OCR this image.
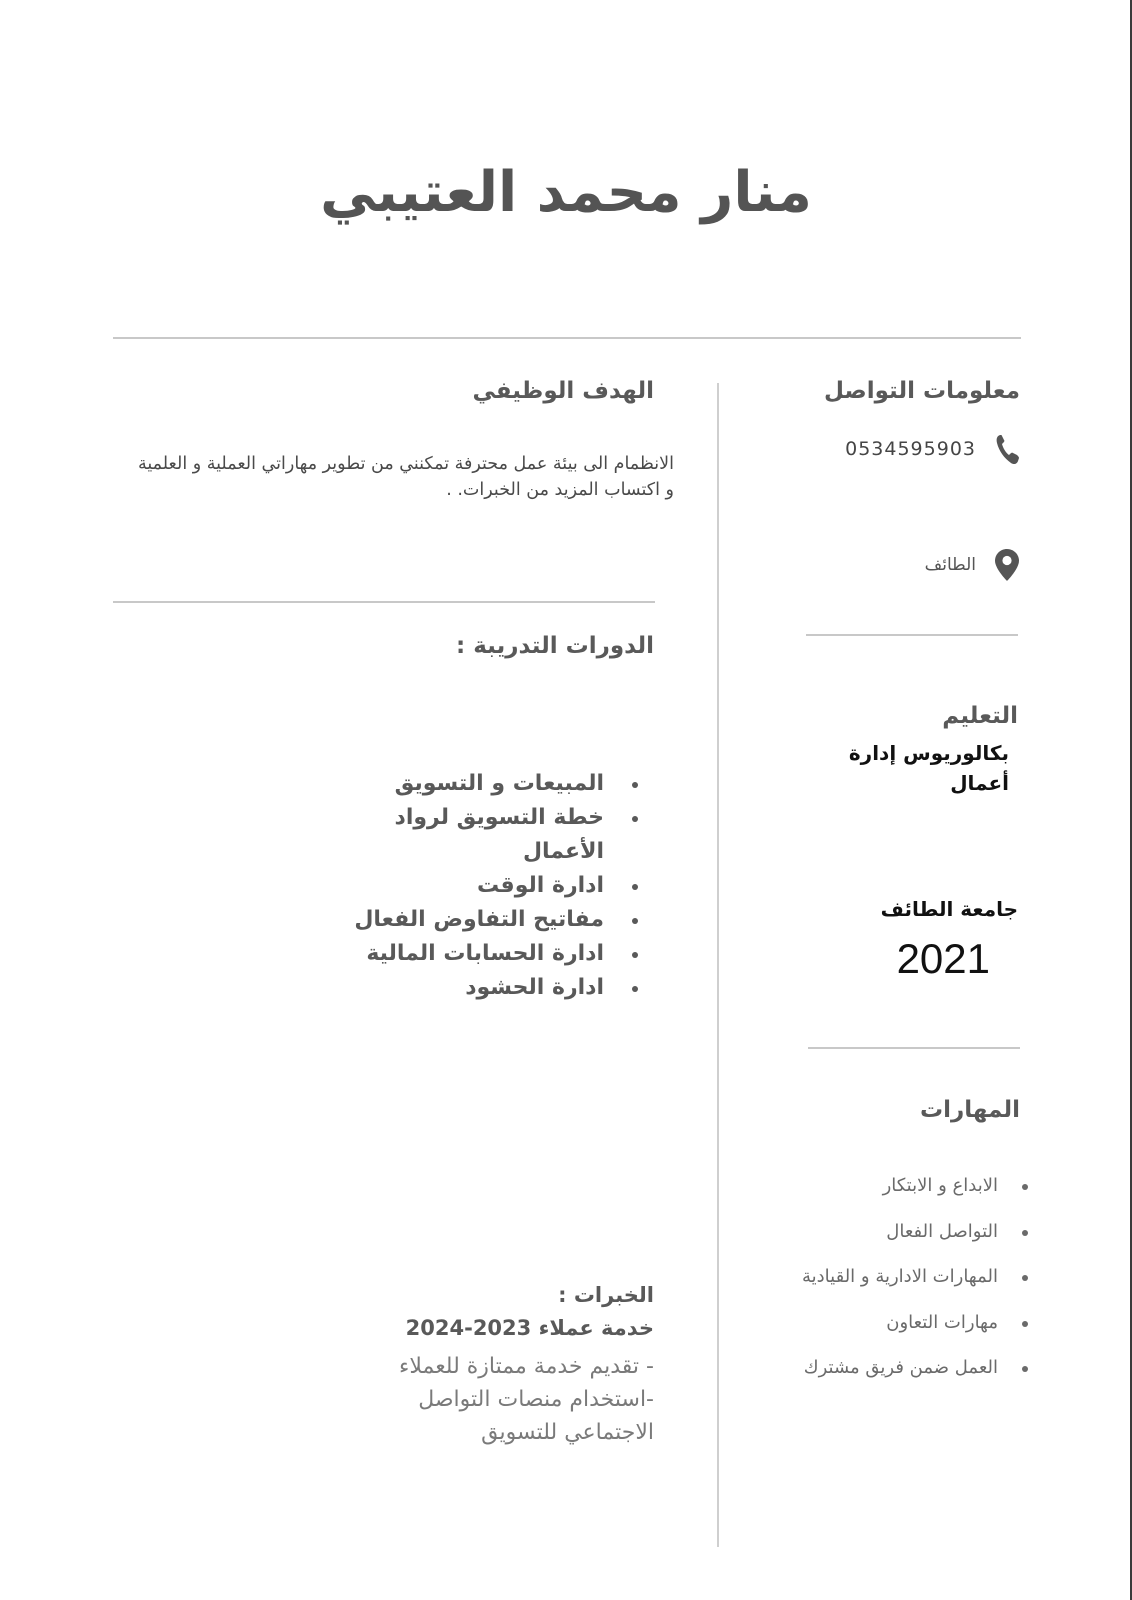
منار محمد العتيبي
معلومات التواصل
0534595903
الطائف
التعليم
بكالوريوس إدارة أعمال
جامعة الطائف
2021
المهارات
الابداع و الابتكار
التواصل الفعال
المهارات الادارية و القيادية
مهارات التعاون
العمل ضمن فريق مشترك
الهدف الوظيفي
الانظمام الى بيئة عمل محترفة تمكنني من تطوير مهاراتي العملية و العلمية و اكتساب المزيد من الخبرات. .
الدورات التدريبة :
المبيعات و التسويق
خطة التسويق لرواد الأعمال
ادارة الوقت
مفاتيح التفاوض الفعال
ادارة الحسابات المالية
ادارة الحشود
الخبرات :
خدمة عملاء 2023-2024
- تقديم خدمة ممتازة للعملاء
-استخدام منصات التواصل الاجتماعي للتسويق
